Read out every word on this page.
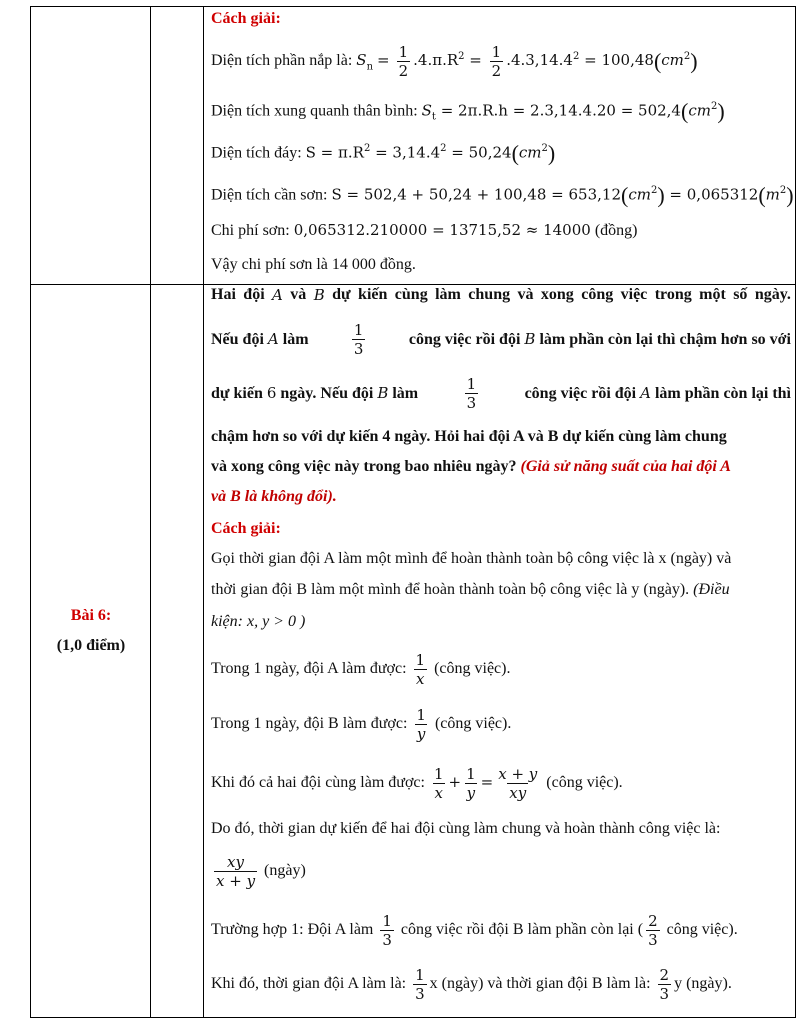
Cách giải:
Diện tích phần nắp là: $S_n = \frac{1}{2} .4.\pi.R^2 = \frac{1}{2} .4.3,14.4^2 = 100,48(cm^2)$
Diện tích xung quanh thân bình: $S_t = 2\pi.R.h = 2.3,14.4.20 = 502,4(cm^2)$
Diện tích đáy: $S = \pi.R^2 = 3,14.4^2 = 50,24(cm^2)$
Diện tích cần sơn: $S = 502,4 + 50,24 + 100,48 = 653,12(cm^2) = 0,065312(m^2)$
Chi phí sơn: 0,065312.210000 = 13715,52 ≈ 14000 (đồng)
Vậy chi phí sơn là 14 000 đồng.
Bài 6:
(1,0 điểm)
Hai đội A và B dự kiến cùng làm chung và xong công việc trong một số ngày.
Nếu đội A làm	$\frac{1}{3}$	công việc rồi đội B làm phần còn lại thì chậm hơn so với
dự kiến 6 ngày. Nếu đội B làm	$\frac{1}{3}$	công việc rồi đội A làm phần còn lại thì
chậm hơn so với dự kiến 4 ngày. Hỏi hai đội A và B dự kiến cùng làm chung
và xong công việc này trong bao nhiêu ngày? (Giả sử năng suất của hai đội A
và B là không đổi).
Cách giải:
Gọi thời gian đội A làm một mình để hoàn thành toàn bộ công việc là x (ngày) và
thời gian đội B làm một mình để hoàn thành toàn bộ công việc là y (ngày). (Điều
kiện: x, y > 0 )
Trong 1 ngày, đội A làm được: $\frac{1}{x}$ (công việc).
Trong 1 ngày, đội B làm được: $\frac{1}{y}$ (công việc).
Khi đó cả hai đội cùng làm được: $\frac{1}{x} + \frac{1}{y} = \frac{x + y}{xy}$ (công việc).
Do đó, thời gian dự kiến để hai đội cùng làm chung và hoàn thành công việc là:
$\frac{xy}{x + y}$ (ngày)
Trường hợp 1: Đội A làm $\frac{1}{3}$ công việc rồi đội B làm phần còn lại ( $\frac{2}{3}$ công việc).
Khi đó, thời gian đội A làm là: $\frac{1}{3}$ x (ngày) và thời gian đội B làm là: $\frac{2}{3}$ y (ngày).
